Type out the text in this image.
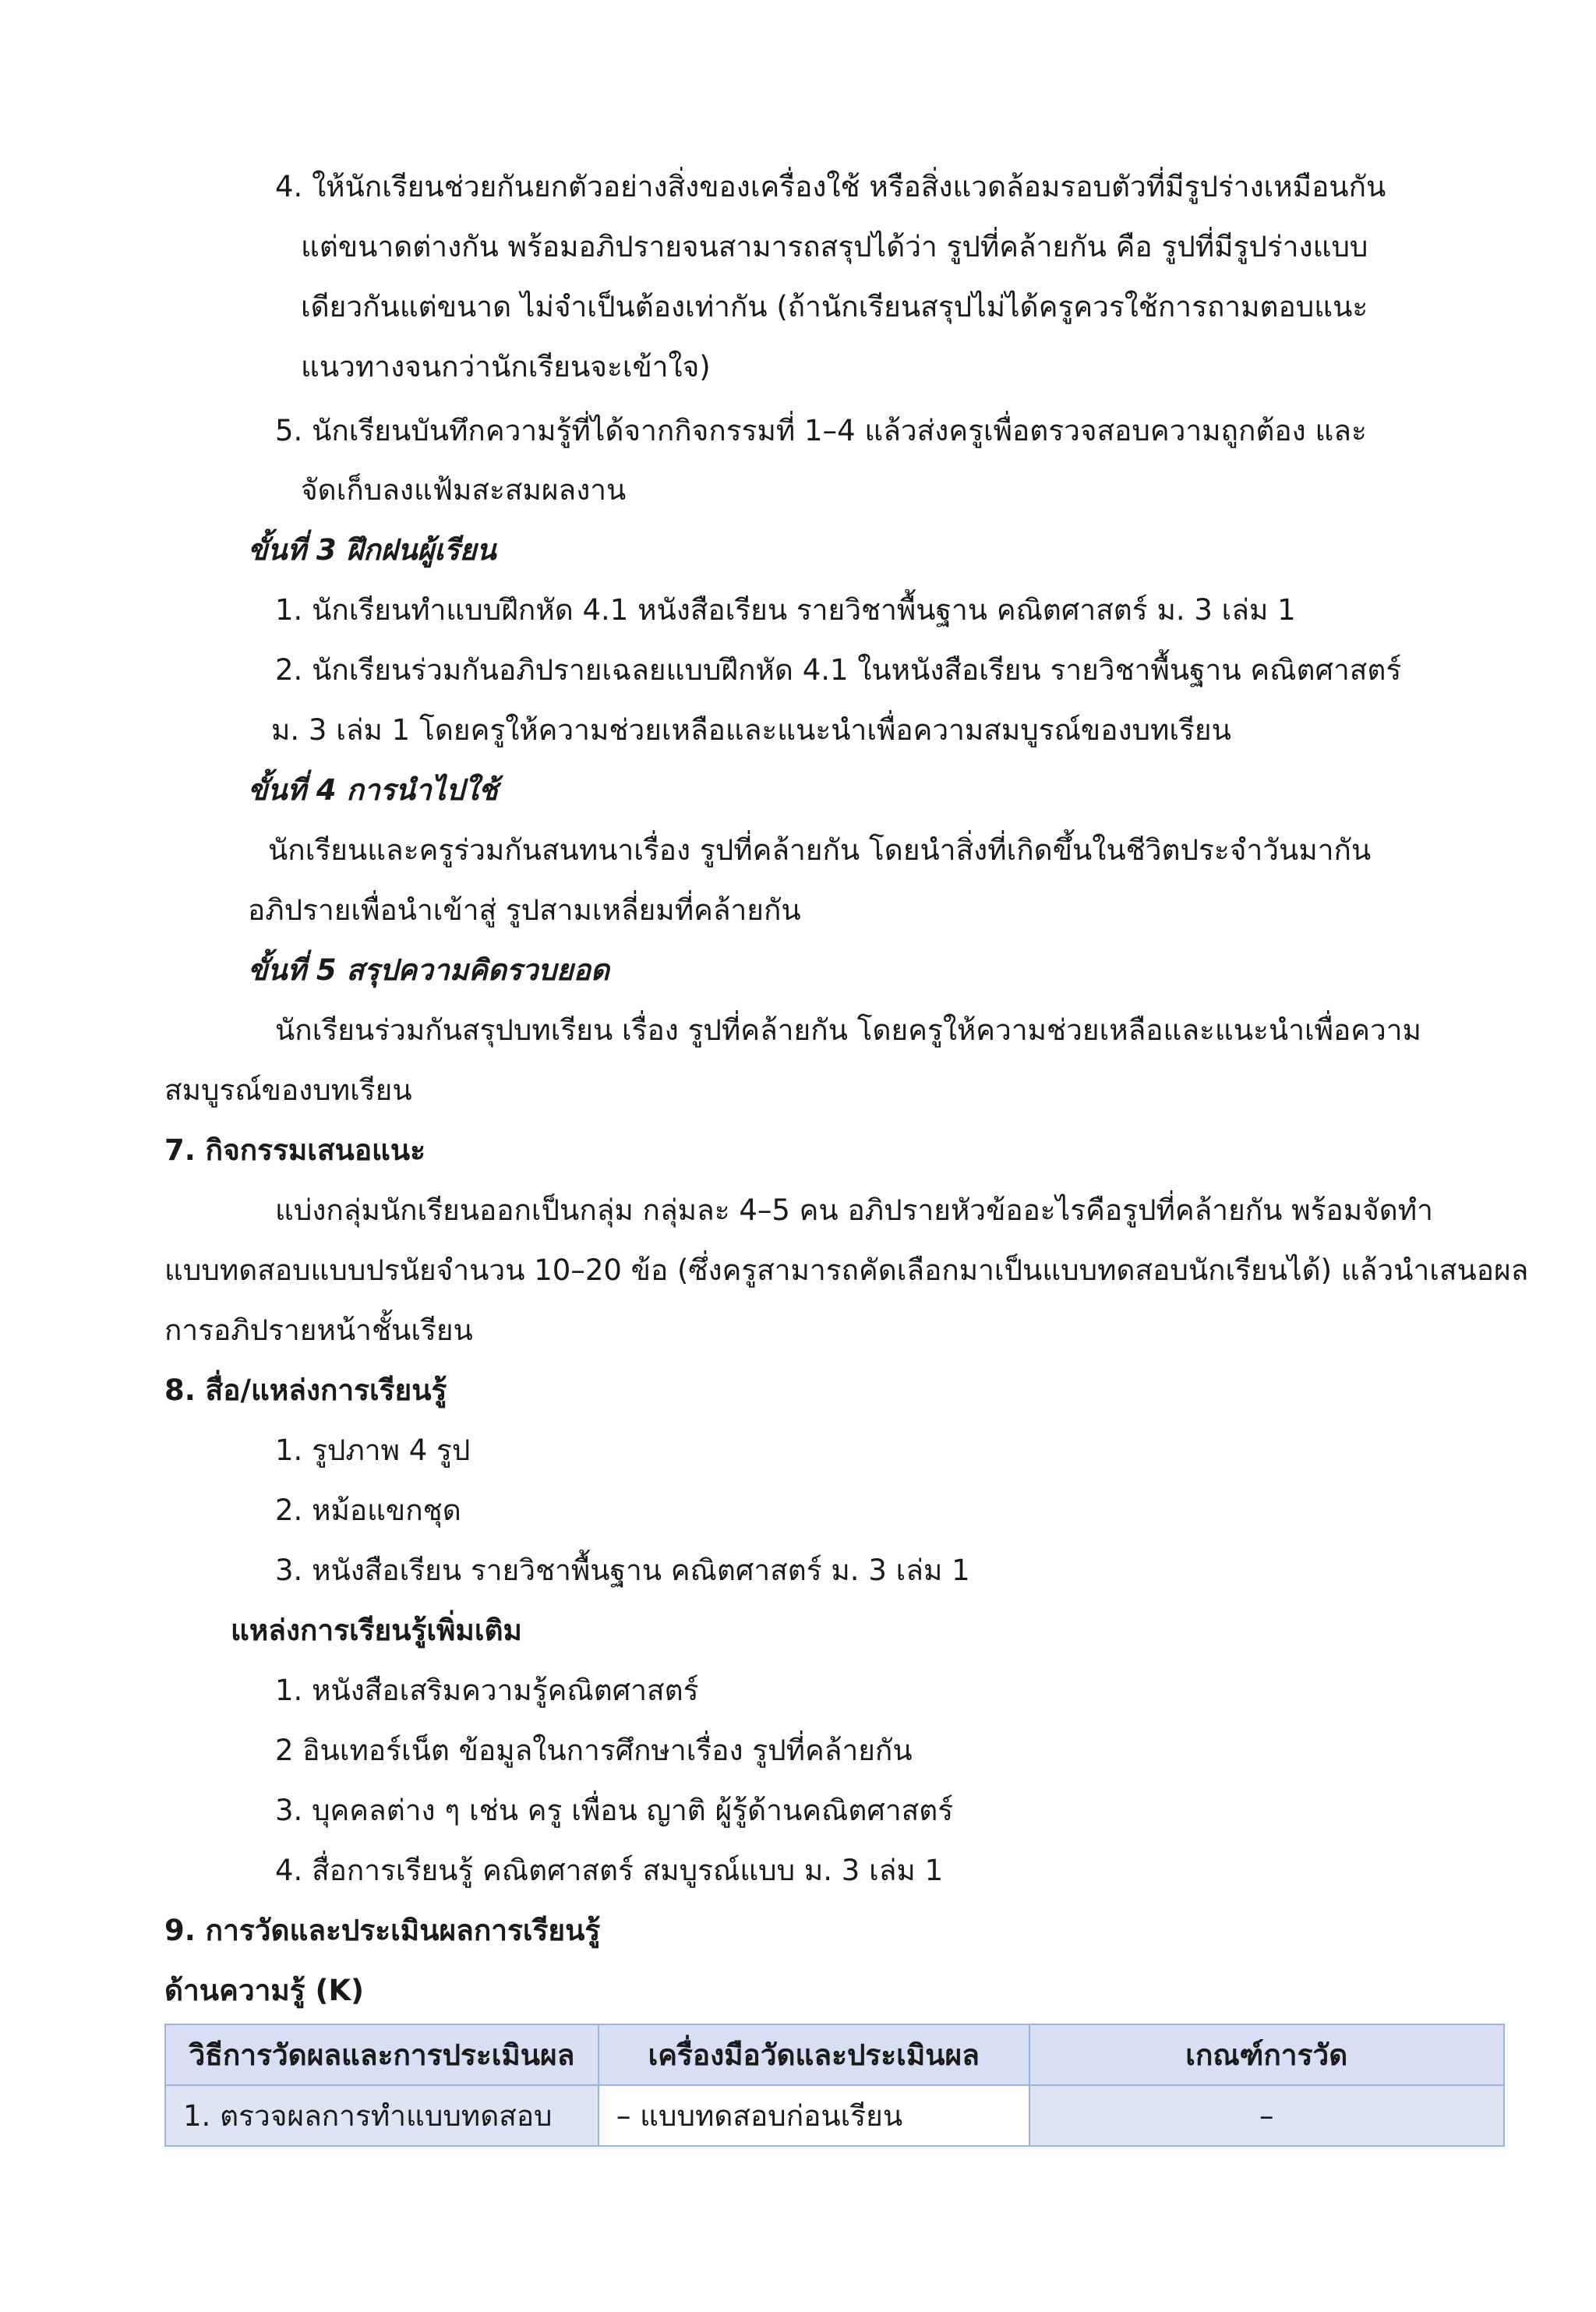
4. ให้นักเรียนช่วยกันยกตัวอย่างสิ่งของเครื่องใช้ หรือสิ่งแวดล้อมรอบตัวที่มีรูปร่างเหมือนกัน
แต่ขนาดต่างกัน พร้อมอภิปรายจนสามารถสรุปได้ว่า รูปที่คล้ายกัน คือ รูปที่มีรูปร่างแบบ
เดียวกันแต่ขนาด ไม่จำเป็นต้องเท่ากัน (ถ้านักเรียนสรุปไม่ได้ครูควรใช้การถามตอบแนะ
แนวทางจนกว่านักเรียนจะเข้าใจ)
5. นักเรียนบันทึกความรู้ที่ได้จากกิจกรรมที่ 1–4 แล้วส่งครูเพื่อตรวจสอบความถูกต้อง และ
จัดเก็บลงแฟ้มสะสมผลงาน
ขั้นที่ 3 ฝึกฝนผู้เรียน
1. นักเรียนทำแบบฝึกหัด 4.1 หนังสือเรียน รายวิชาพื้นฐาน คณิตศาสตร์ ม. 3 เล่ม 1
2. นักเรียนร่วมกันอภิปรายเฉลยแบบฝึกหัด 4.1 ในหนังสือเรียน รายวิชาพื้นฐาน คณิตศาสตร์
ม. 3 เล่ม 1 โดยครูให้ความช่วยเหลือและแนะนำเพื่อความสมบูรณ์ของบทเรียน
ขั้นที่ 4 การนำไปใช้
นักเรียนและครูร่วมกันสนทนาเรื่อง รูปที่คล้ายกัน โดยนำสิ่งที่เกิดขึ้นในชีวิตประจำวันมากัน
อภิปรายเพื่อนำเข้าสู่ รูปสามเหลี่ยมที่คล้ายกัน
ขั้นที่ 5 สรุปความคิดรวบยอด
นักเรียนร่วมกันสรุปบทเรียน เรื่อง รูปที่คล้ายกัน โดยครูให้ความช่วยเหลือและแนะนำเพื่อความ
สมบูรณ์ของบทเรียน
7. กิจกรรมเสนอแนะ
แบ่งกลุ่มนักเรียนออกเป็นกลุ่ม กลุ่มละ 4–5 คน อภิปรายหัวข้ออะไรคือรูปที่คล้ายกัน พร้อมจัดทำ
แบบทดสอบแบบปรนัยจำนวน 10–20 ข้อ (ซึ่งครูสามารถคัดเลือกมาเป็นแบบทดสอบนักเรียนได้) แล้วนำเสนอผล
การอภิปรายหน้าชั้นเรียน
8. สื่อ/แหล่งการเรียนรู้
1. รูปภาพ 4 รูป
2. หม้อแขกชุด
3. หนังสือเรียน รายวิชาพื้นฐาน คณิตศาสตร์ ม. 3 เล่ม 1
แหล่งการเรียนรู้เพิ่มเติม
1. หนังสือเสริมความรู้คณิตศาสตร์
2 อินเทอร์เน็ต ข้อมูลในการศึกษาเรื่อง รูปที่คล้ายกัน
3. บุคคลต่าง ๆ เช่น ครู เพื่อน ญาติ ผู้รู้ด้านคณิตศาสตร์
4. สื่อการเรียนรู้ คณิตศาสตร์ สมบูรณ์แบบ ม. 3 เล่ม 1
9. การวัดและประเมินผลการเรียนรู้
ด้านความรู้ (K)
วิธีการวัดผลและการประเมินผล	เครื่องมือวัดและประเมินผล	เกณฑ์การวัด
1. ตรวจผลการทำแบบทดสอบ	– แบบทดสอบก่อนเรียน	–
